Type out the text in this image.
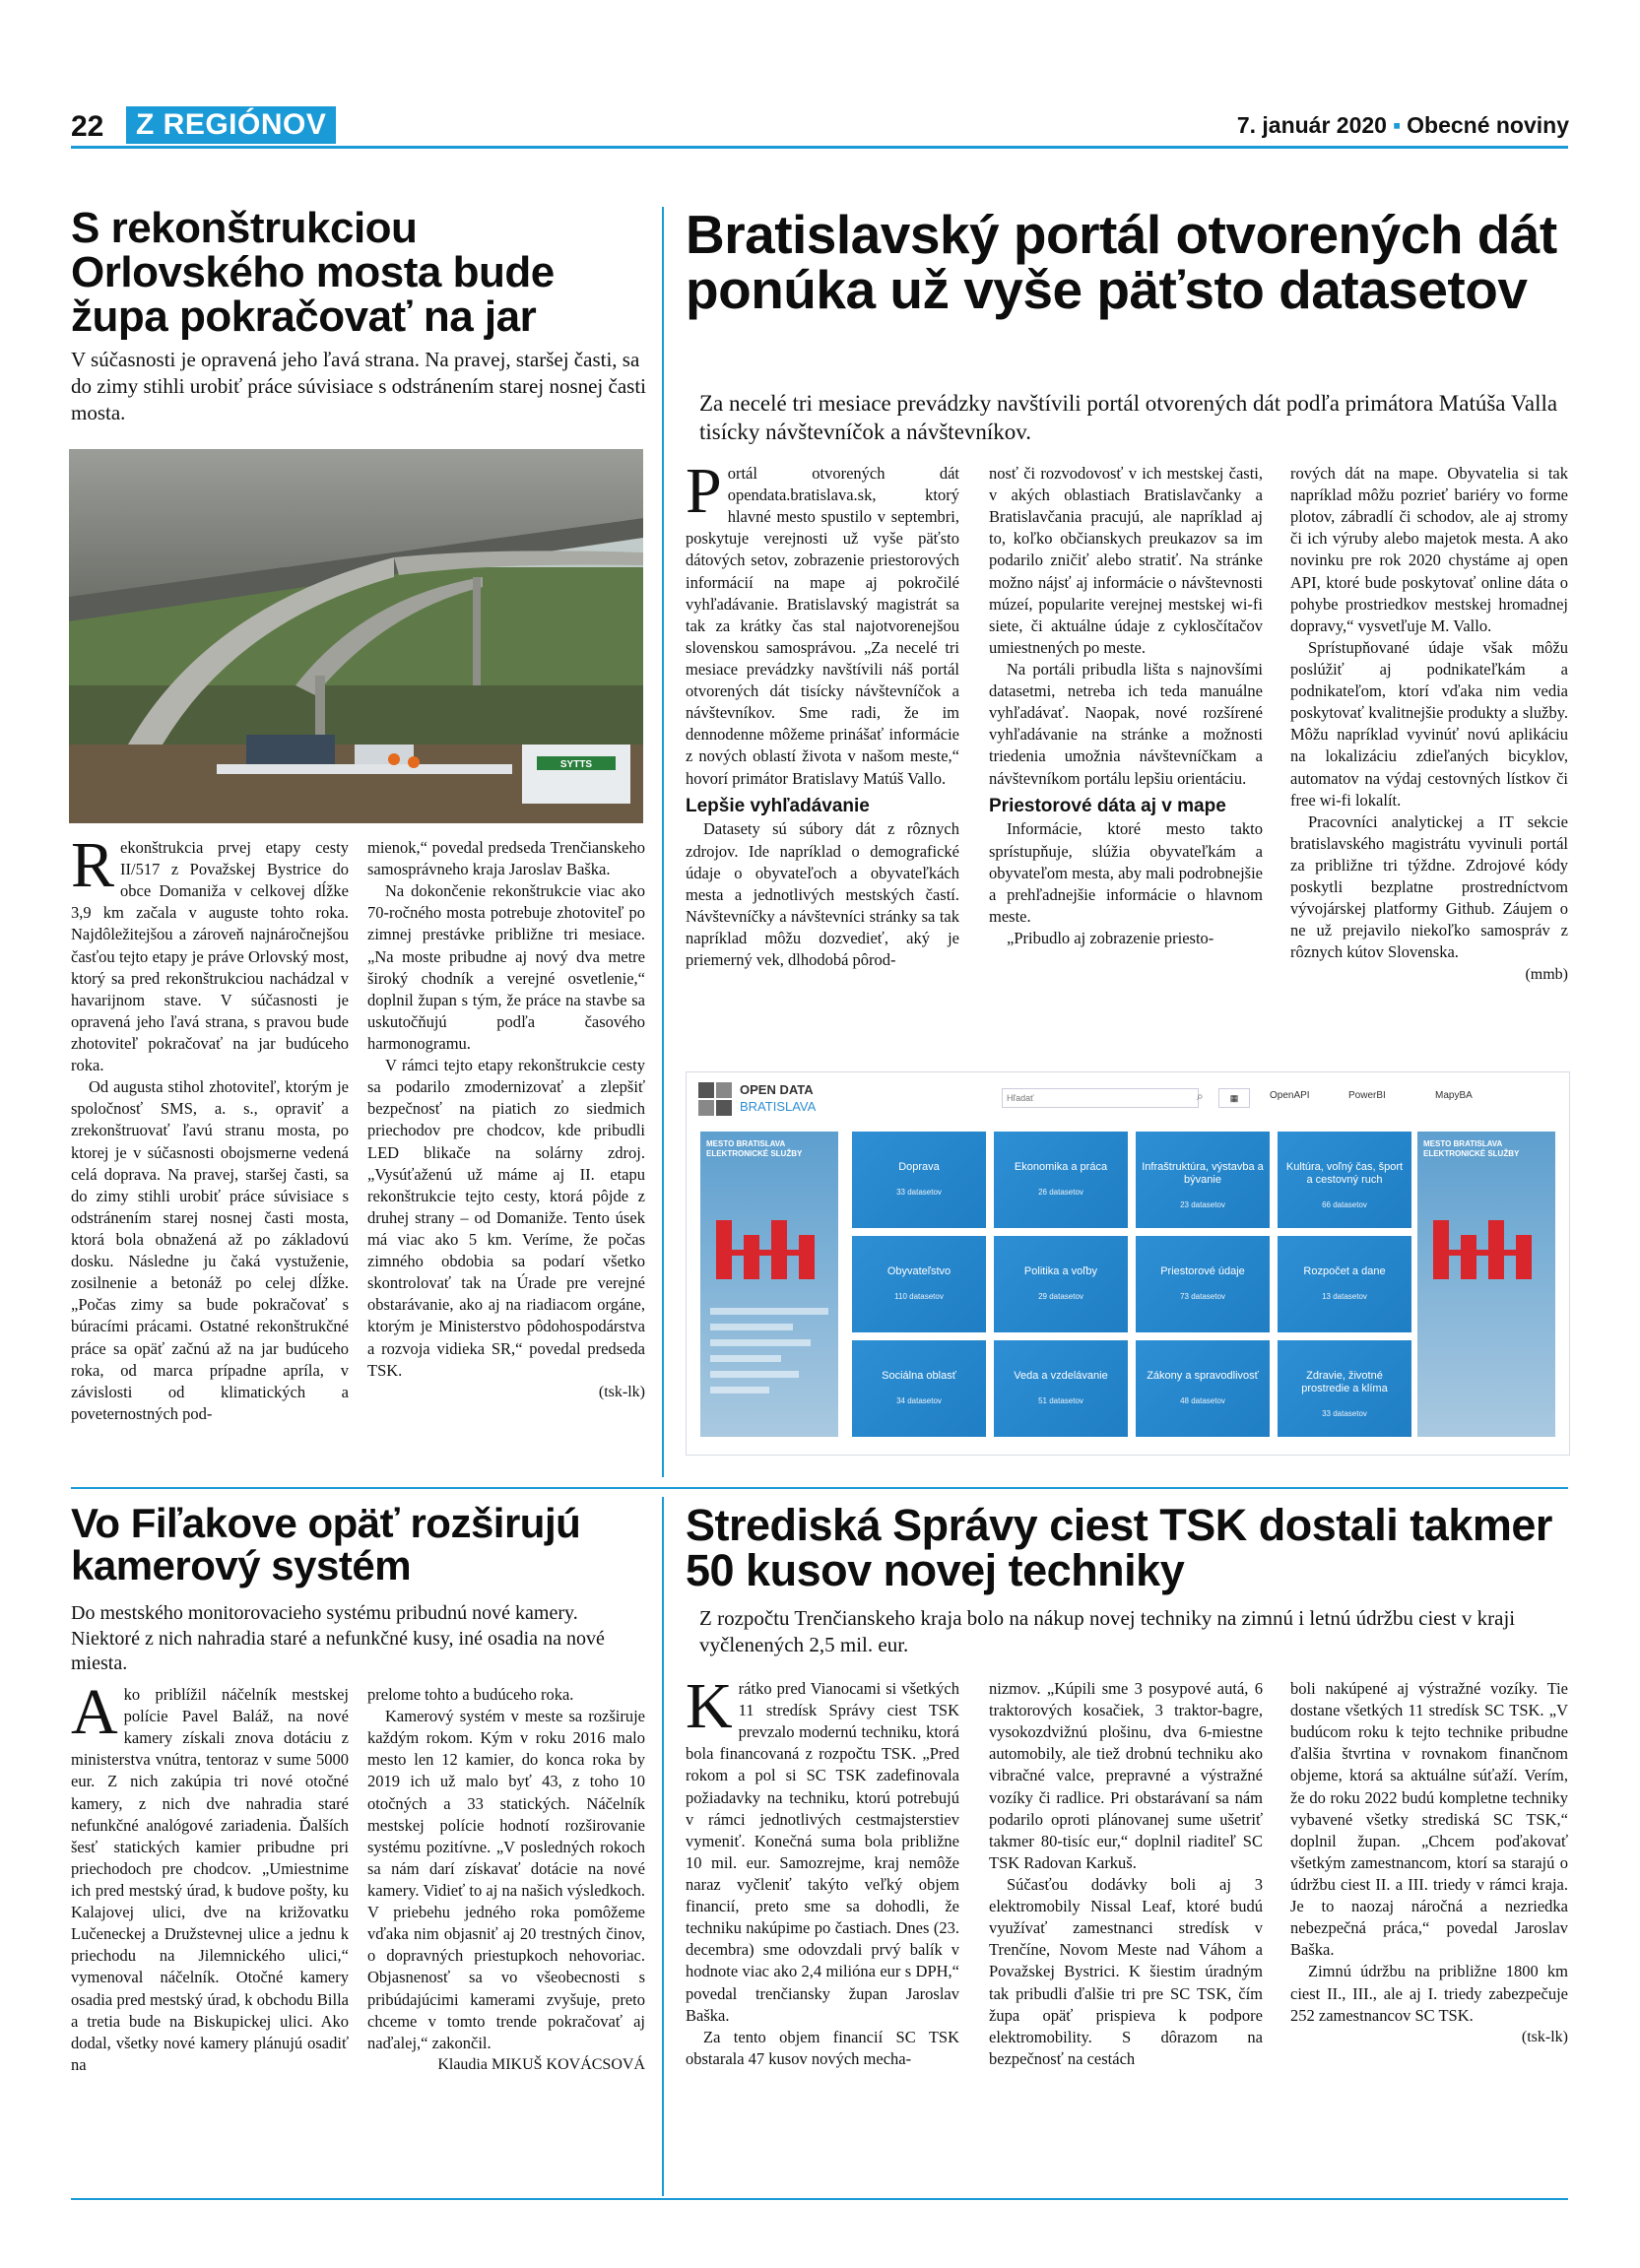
22	Z REGIÓNOV	7. január 2020 ▪ Obecné noviny
S rekonštrukciou Orlovského mosta bude župa pokračovať na jar
V súčasnosti je opravená jeho ľavá strana. Na pravej, staršej časti, sa do zimy stihli urobiť práce súvisiace s odstránením starej nosnej časti mosta.
SYTTS

Rekonštrukcia prvej etapy cesty II/517 z Považskej Bystrice do obce Domaniža v celkovej dĺžke 3,9 km začala v auguste tohto roka. Najdôležitejšou a zároveň najnáročnejšou časťou tejto etapy je práve Orlovský most, ktorý sa pred rekonštrukciou nachádzal v havarijnom stave. V súčasnosti je opravená jeho ľavá strana, s pravou bude zhotoviteľ pokračovať na jar budúceho roka.

Od augusta stihol zhotoviteľ, ktorým je spoločnosť SMS, a. s., opraviť a zrekonštruovať ľavú stranu mosta, po ktorej je v súčasnosti obojsmerne vedená celá doprava. Na pravej, staršej časti, sa do zimy stihli urobiť práce súvisiace s odstránením starej nosnej časti mosta, ktorá bola obnažená až po základovú dosku. Následne ju čaká vystuženie, zosilnenie a betonáž po celej dĺžke. „Počas zimy sa bude pokračovať s búracími prácami. Ostatné rekonštrukčné práce sa opäť začnú až na jar budúceho roka, od marca prípadne apríla, v závislosti od klimatických a poveternostných pod-

mienok,“ povedal predseda Trenčianskeho samosprávneho kraja Jaroslav Baška.

Na dokončenie rekonštrukcie viac ako 70-ročného mosta potrebuje zhotoviteľ po zimnej prestávke približne tri mesiace. „Na moste pribudne aj nový dva metre široký chodník a verejné osvetlenie,“ doplnil župan s tým, že práce na stavbe sa uskutočňujú podľa časového harmonogramu.

V rámci tejto etapy rekonštrukcie cesty sa podarilo zmodernizovať a zlepšiť bezpečnosť na piatich zo siedmich priechodov pre chodcov, kde pribudli LED blikače na solárny zdroj. „Vysúťaženú už máme aj II. etapu rekonštrukcie tejto cesty, ktorá pôjde z druhej strany – od Domaniže. Tento úsek má viac ako 5 km. Veríme, že počas zimného obdobia sa podarí všetko skontrolovať tak na Úrade pre verejné obstarávanie, ako aj na riadiacom orgáne, ktorým je Ministerstvo pôdohospodárstva a rozvoja vidieka SR,“ povedal predseda TSK.

(tsk-lk)
Bratislavský portál otvorených dát ponúka už vyše päťsto datasetov
Za necelé tri mesiace prevádzky navštívili portál otvorených dát podľa primátora Matúša Valla tisícky návštevníčok a návštevníkov.

Portál otvorených dát opendata.bratislava.sk, ktorý hlavné mesto spustilo v septembri, poskytuje verejnosti už vyše päťsto dátových setov, zobrazenie priestorových informácií na mape aj pokročilé vyhľadávanie. Bratislavský magistrát sa tak za krátky čas stal najotvorenejšou slovenskou samosprávou. „Za necelé tri mesiace prevádzky navštívili náš portál otvorených dát tisícky návštevníčok a návštevníkov. Sme radi, že im dennodenne môžeme prinášať informácie z nových oblastí života v našom meste,“ hovorí primátor Bratislavy Matúš Vallo.

Lepšie vyhľadávanie

Datasety sú súbory dát z rôznych zdrojov. Ide napríklad o demografické údaje o obyvateľoch a obyvateľkách mesta a jednotlivých mestských častí. Návštevníčky a návštevníci stránky sa tak napríklad môžu dozvedieť, aký je priemerný vek, dlhodobá pôrod-

nosť či rozvodovosť v ich mestskej časti, v akých oblastiach Bratislavčanky a Bratislavčania pracujú, ale napríklad aj to, koľko občianskych preukazov sa im podarilo zničiť alebo stratiť. Na stránke možno nájsť aj informácie o návštevnosti múzeí, popularite verejnej mestskej wi-fi siete, či aktuálne údaje z cyklosčítačov umiestnených po meste.

Na portáli pribudla lišta s najnovšími datasetmi, netreba ich teda manuálne vyhľadávať. Naopak, nové rozšírené vyhľadávanie na stránke a možnosti triedenia umožnia návštevníčkam a návštevníkom portálu lepšiu orientáciu.

Priestorové dáta aj v mape

Informácie, ktoré mesto takto sprístupňuje, slúžia obyvateľkám a obyvateľom mesta, aby mali podrobnejšie a prehľadnejšie informácie o hlavnom meste.

„Pribudlo aj zobrazenie priesto-

rových dát na mape. Obyvatelia si tak napríklad môžu pozrieť bariéry vo forme plotov, zábradlí či schodov, ale aj stromy či ich výruby alebo majetok mesta. A ako novinku pre rok 2020 chystáme aj open API, ktoré bude poskytovať online dáta o pohybe prostriedkov mestskej hromadnej dopravy,“ vysvetľuje M. Vallo.

Sprístupňované údaje však môžu poslúžiť aj podnikateľkám a podnikateľom, ktorí vďaka nim vedia poskytovať kvalitnejšie produkty a služby. Môžu napríklad vyvinúť novú aplikáciu na lokalizáciu zdieľaných bicyklov, automatov na výdaj cestovných lístkov či free wi-fi lokalít.

Pracovníci analytickej a IT sekcie bratislavského magistrátu vyvinuli portál za približne tri týždne. Zdrojové kódy poskytli bezplatne prostredníctvom vývojárskej platformy Github. Záujem o ne už prejavilo niekoľko samospráv z rôznych kútov Slovenska.

(mmb)
OPEN DATA
BRATISLAVA
Hľadať
⌕	▦	OpenAPI	PowerBI	MapyBA
MESTO BRATISLAVA
ELEKTRONICKÉ SLUŽBY
MESTO BRATISLAVA
ELEKTRONICKÉ SLUŽBY
Doprava
33 datasetov
Ekonomika a práca
26 datasetov
Infraštruktúra, výstavba a bývanie
23 datasetov
Kultúra, voľný čas, šport a cestovný ruch
66 datasetov
Obyvateľstvo
110 datasetov
Politika a voľby
29 datasetov
Priestorové údaje
73 datasetov
Rozpočet a dane
13 datasetov
Sociálna oblasť
34 datasetov
Veda a vzdelávanie
51 datasetov
Zákony a spravodlivosť
48 datasetov
Zdravie, životné prostredie a klíma
33 datasetov
Vo Fiľakove opäť rozširujú kamerový systém
Do mestského monitorovacieho systému pribudnú nové kamery. Niektoré z nich nahradia staré a nefunkčné kusy, iné osadia na nové miesta.

Ako priblížil náčelník mestskej polície Pavel Baláž, na nové kamery získali znova dotáciu z ministerstva vnútra, tentoraz v sume 5000 eur. Z nich zakúpia tri nové otočné kamery, z nich dve nahradia staré nefunkčné analógové zariadenia. Ďalších šesť statických kamier pribudne pri priechodoch pre chodcov. „Umiestnime ich pred mestský úrad, k budove pošty, ku Kalajovej ulici, dve na križovatku Lučeneckej a Družstevnej ulice a jednu k priechodu na Jilemnického ulici,“ vymenoval náčelník. Otočné kamery osadia pred mestský úrad, k obchodu Billa a tretia bude na Biskupickej ulici. Ako dodal, všetky nové kamery plánujú osadiť na

prelome tohto a budúceho roka.

Kamerový systém v meste sa rozširuje každým rokom. Kým v roku 2016 malo mesto len 12 kamier, do konca roka by 2019 ich už malo byť 43, z toho 10 otočných a 33 statických. Náčelník mestskej polície hodnotí rozširovanie systému pozitívne. „V posledných rokoch sa nám darí získavať dotácie na nové kamery. Vidieť to aj na našich výsledkoch. V priebehu jedného roka pomôžeme vďaka nim objasniť aj 20 trestných činov, o dopravných priestupkoch nehovoriac. Objasnenosť sa vo všeobecnosti s pribúdajúcimi kamerami zvyšuje, preto chceme v tomto trende pokračovať aj naďalej,“ zakončil.

Klaudia MIKUŠ KOVÁCSOVÁ
Strediská Správy ciest TSK dostali takmer 50 kusov novej techniky
Z rozpočtu Trenčianskeho kraja bolo na nákup novej techniky na zimnú i letnú údržbu ciest v kraji vyčlenených 2,5 mil. eur.

Krátko pred Vianocami si všetkých 11 stredísk Správy ciest TSK prevzalo modernú techniku, ktorá bola financovaná z rozpočtu TSK. „Pred rokom a pol si SC TSK zadefinovala požiadavky na techniku, ktorú potrebujú v rámci jednotlivých cestmajsterstiev vymeniť. Konečná suma bola približne 10 mil. eur. Samozrejme, kraj nemôže naraz vyčleniť takýto veľký objem financií, preto sme sa dohodli, že techniku nakúpime po častiach. Dnes (23. decembra) sme odovzdali prvý balík v hodnote viac ako 2,4 milióna eur s DPH,“ povedal trenčiansky župan Jaroslav Baška.

Za tento objem financií SC TSK obstarala 47 kusov nových mecha-

nizmov. „Kúpili sme 3 posypové autá, 6 traktorových kosačiek, 3 traktor-bagre, vysokozdvižnú plošinu, dva 6-miestne automobily, ale tiež drobnú techniku ako vibračné valce, prepravné a výstražné vozíky či radlice. Pri obstarávaní sa nám podarilo oproti plánovanej sume ušetriť takmer 80-tisíc eur,“ doplnil riaditeľ SC TSK Radovan Karkuš.

Súčasťou dodávky boli aj 3 elektromobily Nissal Leaf, ktoré budú využívať zamestnanci stredísk v Trenčíne, Novom Meste nad Váhom a Považskej Bystrici. K šiestim úradným tak pribudli ďalšie tri pre SC TSK, čím župa opäť prispieva k podpore elektromobility. S dôrazom na bezpečnosť na cestách

boli nakúpené aj výstražné vozíky. Tie dostane všetkých 11 stredísk SC TSK. „V budúcom roku k tejto technike pribudne ďalšia štvrtina v rovnakom finančnom objeme, ktorá sa aktuálne súťaží. Verím, že do roku 2022 budú kompletne techniky vybavené všetky strediská SC TSK,“ doplnil župan. „Chcem poďakovať všetkým zamestnancom, ktorí sa starajú o údržbu ciest II. a III. triedy v rámci kraja. Je to naozaj náročná a nezriedka nebezpečná práca,“ povedal Jaroslav Baška.

Zimnú údržbu na približne 1800 km ciest II., III., ale aj I. triedy zabezpečuje 252 zamestnancov SC TSK.

(tsk-lk)
